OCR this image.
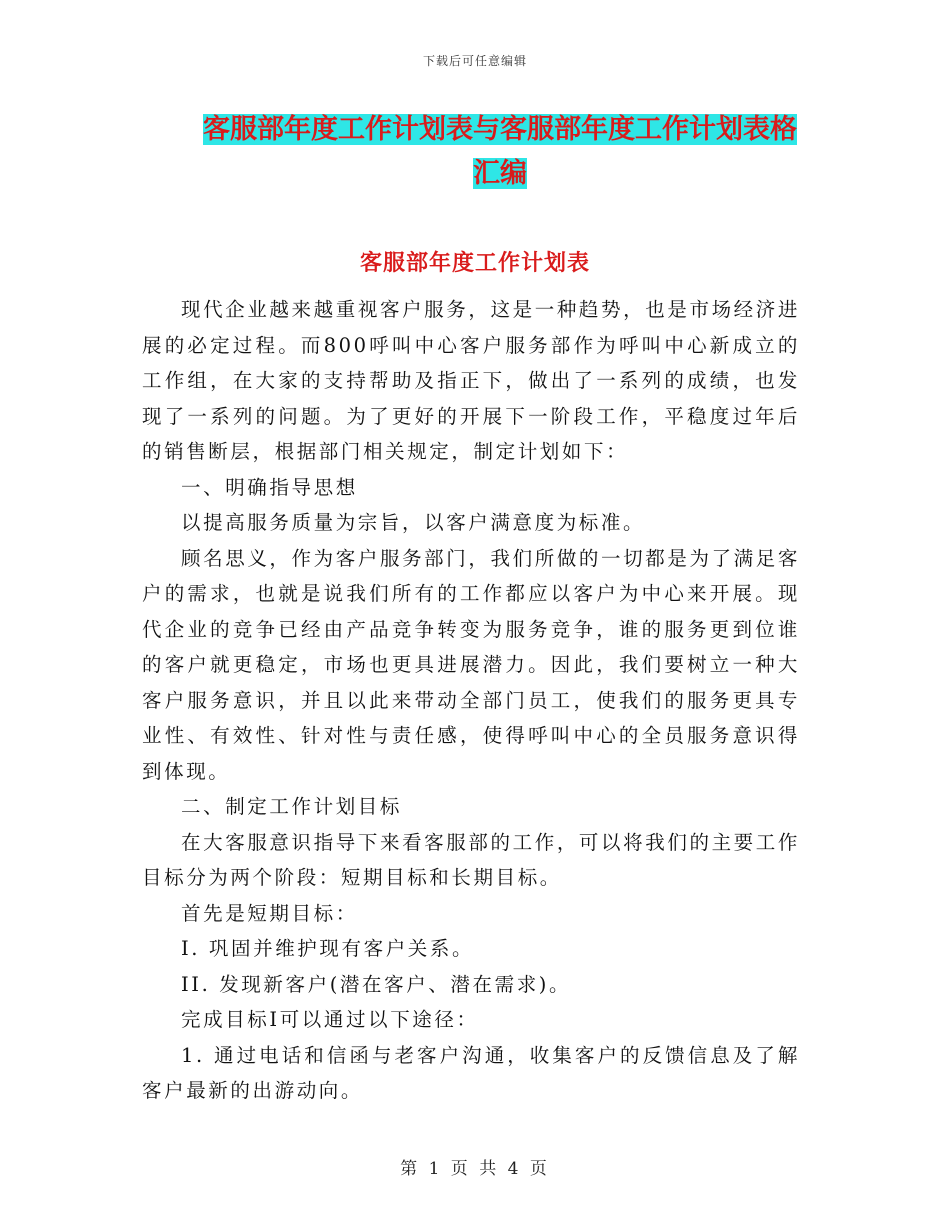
下载后可任意编辑
客服部年度工作计划表与客服部年度工作计划表格汇编
客服部年度工作计划表

现代企业越来越重视客户服务，这是一种趋势，也是市场经济进展的必定过程。而800呼叫中心客户服务部作为呼叫中心新成立的工作组，在大家的支持帮助及指正下，做出了一系列的成绩，也发现了一系列的问题。为了更好的开展下一阶段工作，平稳度过年后的销售断层，根据部门相关规定，制定计划如下：

一、明确指导思想

以提高服务质量为宗旨，以客户满意度为标准。

顾名思义，作为客户服务部门，我们所做的一切都是为了满足客户的需求，也就是说我们所有的工作都应以客户为中心来开展。现代企业的竞争已经由产品竞争转变为服务竞争，谁的服务更到位谁的客户就更稳定，市场也更具进展潜力。因此，我们要树立一种大客户服务意识，并且以此来带动全部门员工，使我们的服务更具专业性、有效性、针对性与责任感，使得呼叫中心的全员服务意识得到体现。

二、制定工作计划目标

在大客服意识指导下来看客服部的工作，可以将我们的主要工作目标分为两个阶段：短期目标和长期目标。

首先是短期目标：

I. 巩固并维护现有客户关系。

II. 发现新客户(潜在客户、潜在需求)。

完成目标I可以通过以下途径：

1. 通过电话和信函与老客户沟通，收集客户的反馈信息及了解客户最新的出游动向。

第 1 页 共 4 页
